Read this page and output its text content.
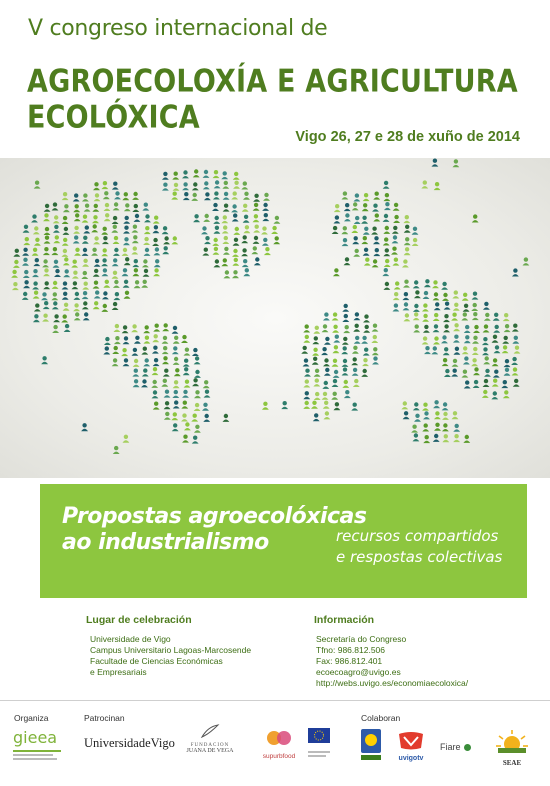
V congreso internacional de
AGROECOLOXÍA E AGRICULTURA ECOLÓXICA
Vigo 26, 27 e 28 de xuño de 2014
Propostas agroecolóxicas
ao industrialismo	recursos compartidos
e respostas colectivas
Lugar de celebración
Universidade de Vigo
Campus Universitario Lagoas-Marcosende
Facultade de Ciencias Económicas
e Empresariais
Información
Secretaría do Congreso
Tfno: 986.812.506
Fax: 986.812.401
ecoecoagro@uvigo.es
http://webs.uvigo.es/economiaecoloxica/
Organiza	Patrocinan	Colaboran
gieea	UniversidadeVigo	FUNDACION
JUANA DE VEGA
supurbfood	uvigotv
Fiare
SEAE
